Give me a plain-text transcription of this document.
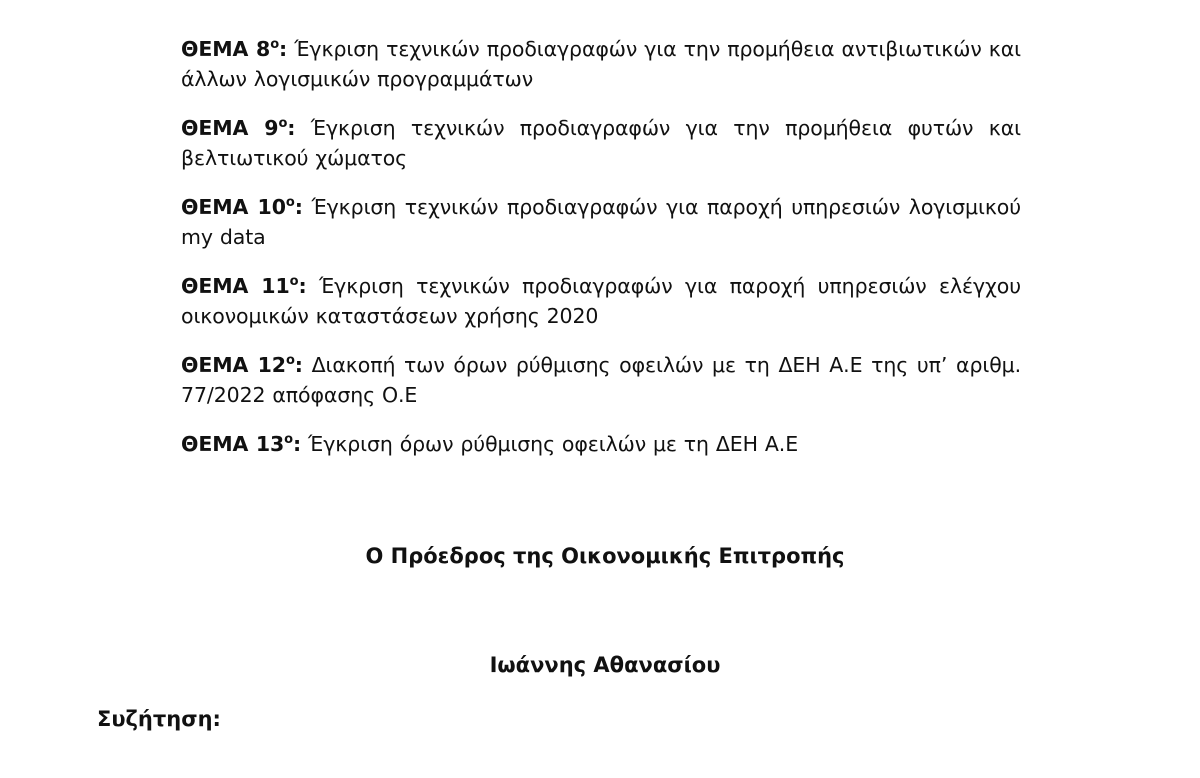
ΘΕΜΑ $8^o$: Έγκριση τεχνικών προδιαγραφών για την προμήθεια αντιβιωτικών και άλλων λογισμικών προγραμμάτων

ΘΕΜΑ $9^o$: Έγκριση τεχνικών προδιαγραφών για την προμήθεια φυτών και βελτιωτικού χώματος

ΘΕΜΑ $10^o$: Έγκριση τεχνικών προδιαγραφών για παροχή υπηρεσιών λογισμικού  my data

ΘΕΜΑ $11^o$: Έγκριση τεχνικών προδιαγραφών για παροχή υπηρεσιών ελέγχου οικονομικών καταστάσεων χρήσης 2020

ΘΕΜΑ $12^o$: Διακοπή των όρων ρύθμισης οφειλών με τη ΔΕΗ Α.Ε της υπ’ αριθμ. 77/2022 απόφασης Ο.Ε

ΘΕΜΑ $13^o$: Έγκριση όρων ρύθμισης οφειλών με τη ΔΕΗ Α.Ε

Ο Πρόεδρος της Οικονομικής Επιτροπής
Ιωάννης Αθανασίου
Συζήτηση:
